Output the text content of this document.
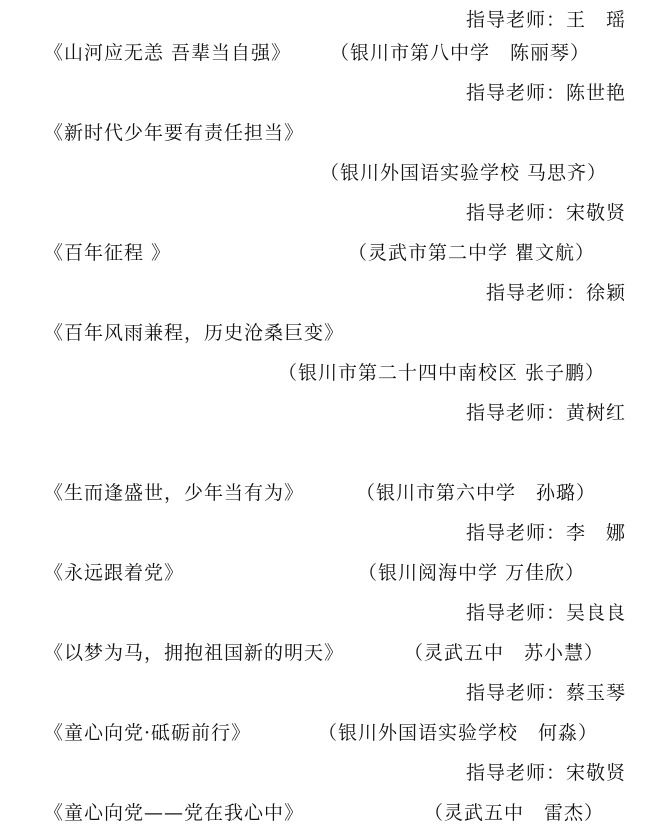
指导老师：王　瑶
《山河应无恙 吾辈当自强》 （银川市第八中学　陈丽琴）
指导老师：陈世艳
《新时代少年要有责任担当》
（银川外国语实验学校 马思齐）
指导老师：宋敬贤
《百年征程 》	（灵武市第二中学 瞿文航）
指导老师：徐颖
《百年风雨兼程，历史沧桑巨变》
（银川市第二十四中南校区 张子鹏）
指导老师：黄树红
《生而逢盛世，少年当有为》	（银川市第六中学　孙璐）
指导老师：李　娜
《永远跟着党》	（银川阅海中学 万佳欣）
指导老师：吴良良
《以梦为马，拥抱祖国新的明天》	（灵武五中　苏小慧）
指导老师：蔡玉琴
《童心向党·砥砺前行》	（银川外国语实验学校　何淼）
指导老师：宋敬贤
《童心向党——党在我心中》	（灵武五中　雷杰）
